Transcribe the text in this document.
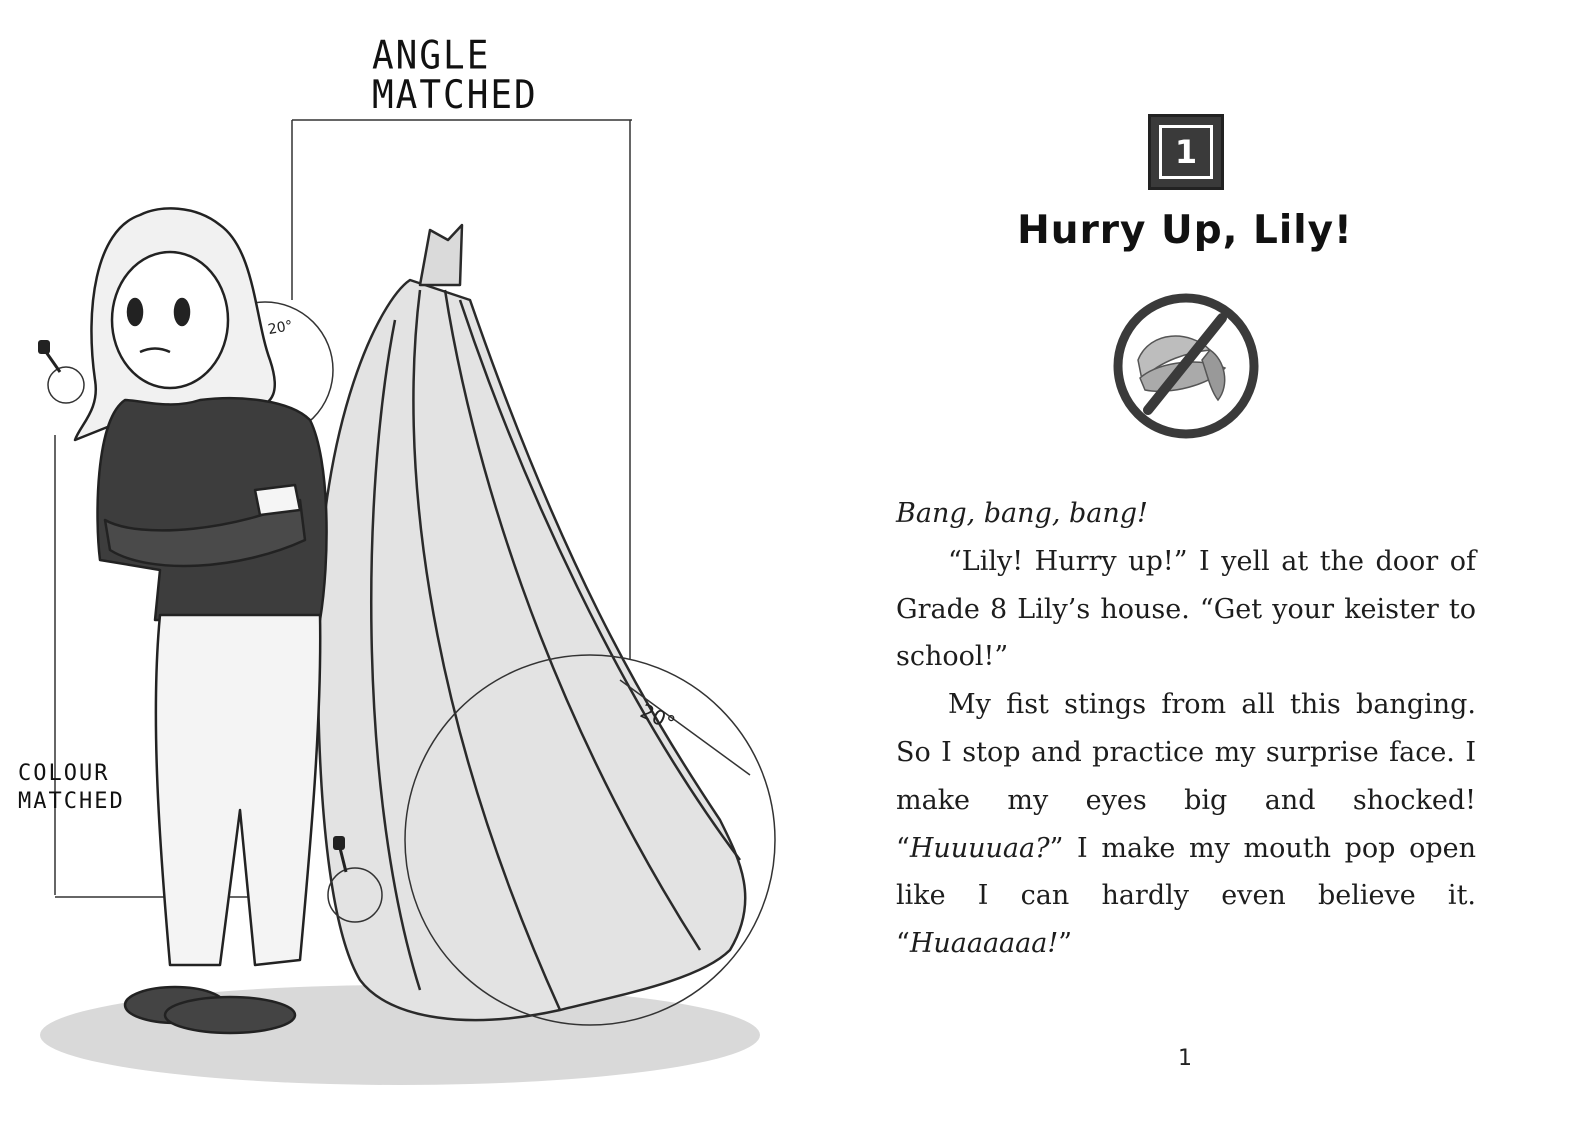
ANGLE
MATCHED
COLOUR
MATCHED
20°
20°
1
Hurry Up, Lily!

Bang, bang, bang!

“Lily! Hurry up!” I yell at the door of Grade 8 Lily’s house. “Get your keister to school!”

My fist stings from all this banging. So I stop and practice my surprise face. I make my eyes big and shocked! “Huuuuaa?” I make my mouth pop open like I can hardly even believe it. “Huaaaaaa!”

1
